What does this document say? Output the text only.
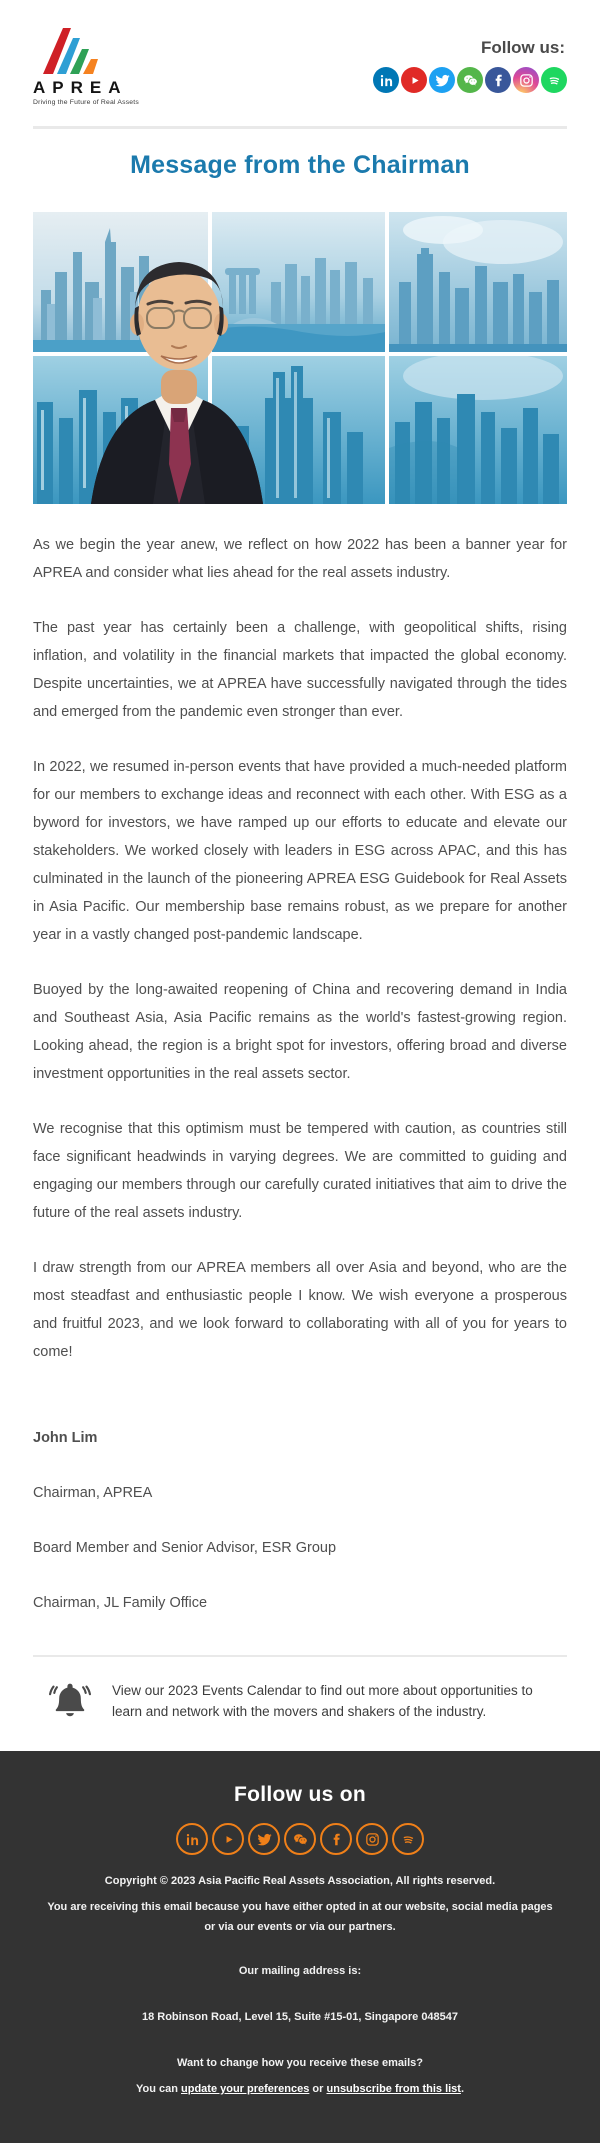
APREA
Driving the Future of Real Assets
Follow us:
Message from the Chairman

As we begin the year anew, we reflect on how 2022 has been a banner year for APREA and consider what lies ahead for the real assets industry.

The past year has certainly been a challenge, with geopolitical shifts, rising inflation, and volatility in the financial markets that impacted the global economy. Despite uncertainties, we at APREA have successfully navigated through the tides and emerged from the pandemic even stronger than ever.

In 2022, we resumed in-person events that have provided a much-needed platform for our members to exchange ideas and reconnect with each other. With ESG as a byword for investors, we have ramped up our efforts to educate and elevate our stakeholders. We worked closely with leaders in ESG across APAC, and this has culminated in the launch of the pioneering APREA ESG Guidebook for Real Assets in Asia Pacific. Our membership base remains robust, as we prepare for another year in a vastly changed post-pandemic landscape.

Buoyed by the long-awaited reopening of China and recovering demand in India and Southeast Asia, Asia Pacific remains as the world's fastest-growing region. Looking ahead, the region is a bright spot for investors, offering broad and diverse investment opportunities in the real assets sector.

We recognise that this optimism must be tempered with caution, as countries still face significant headwinds in varying degrees. We are committed to guiding and engaging our members through our carefully curated initiatives that aim to drive the future of the real assets industry.

I draw strength from our APREA members all over Asia and beyond, who are the most steadfast and enthusiastic people I know. We wish everyone a prosperous and fruitful 2023, and we look forward to collaborating with all of you for years to come!

John Lim

Chairman, APREA

Board Member and Senior Advisor, ESR Group

Chairman, JL Family Office

View our 2023 Events Calendar to find out more about opportunities to learn and network with the movers and shakers of the industry.
Follow us on

Copyright © 2023 Asia Pacific Real Assets Association, All rights reserved.

You are receiving this email because you have either opted in at our website, social media pages or via our events or via our partners.

Our mailing address is:

18 Robinson Road, Level 15, Suite #15-01, Singapore 048547

Want to change how you receive these emails?

You can update your preferences or unsubscribe from this list.
